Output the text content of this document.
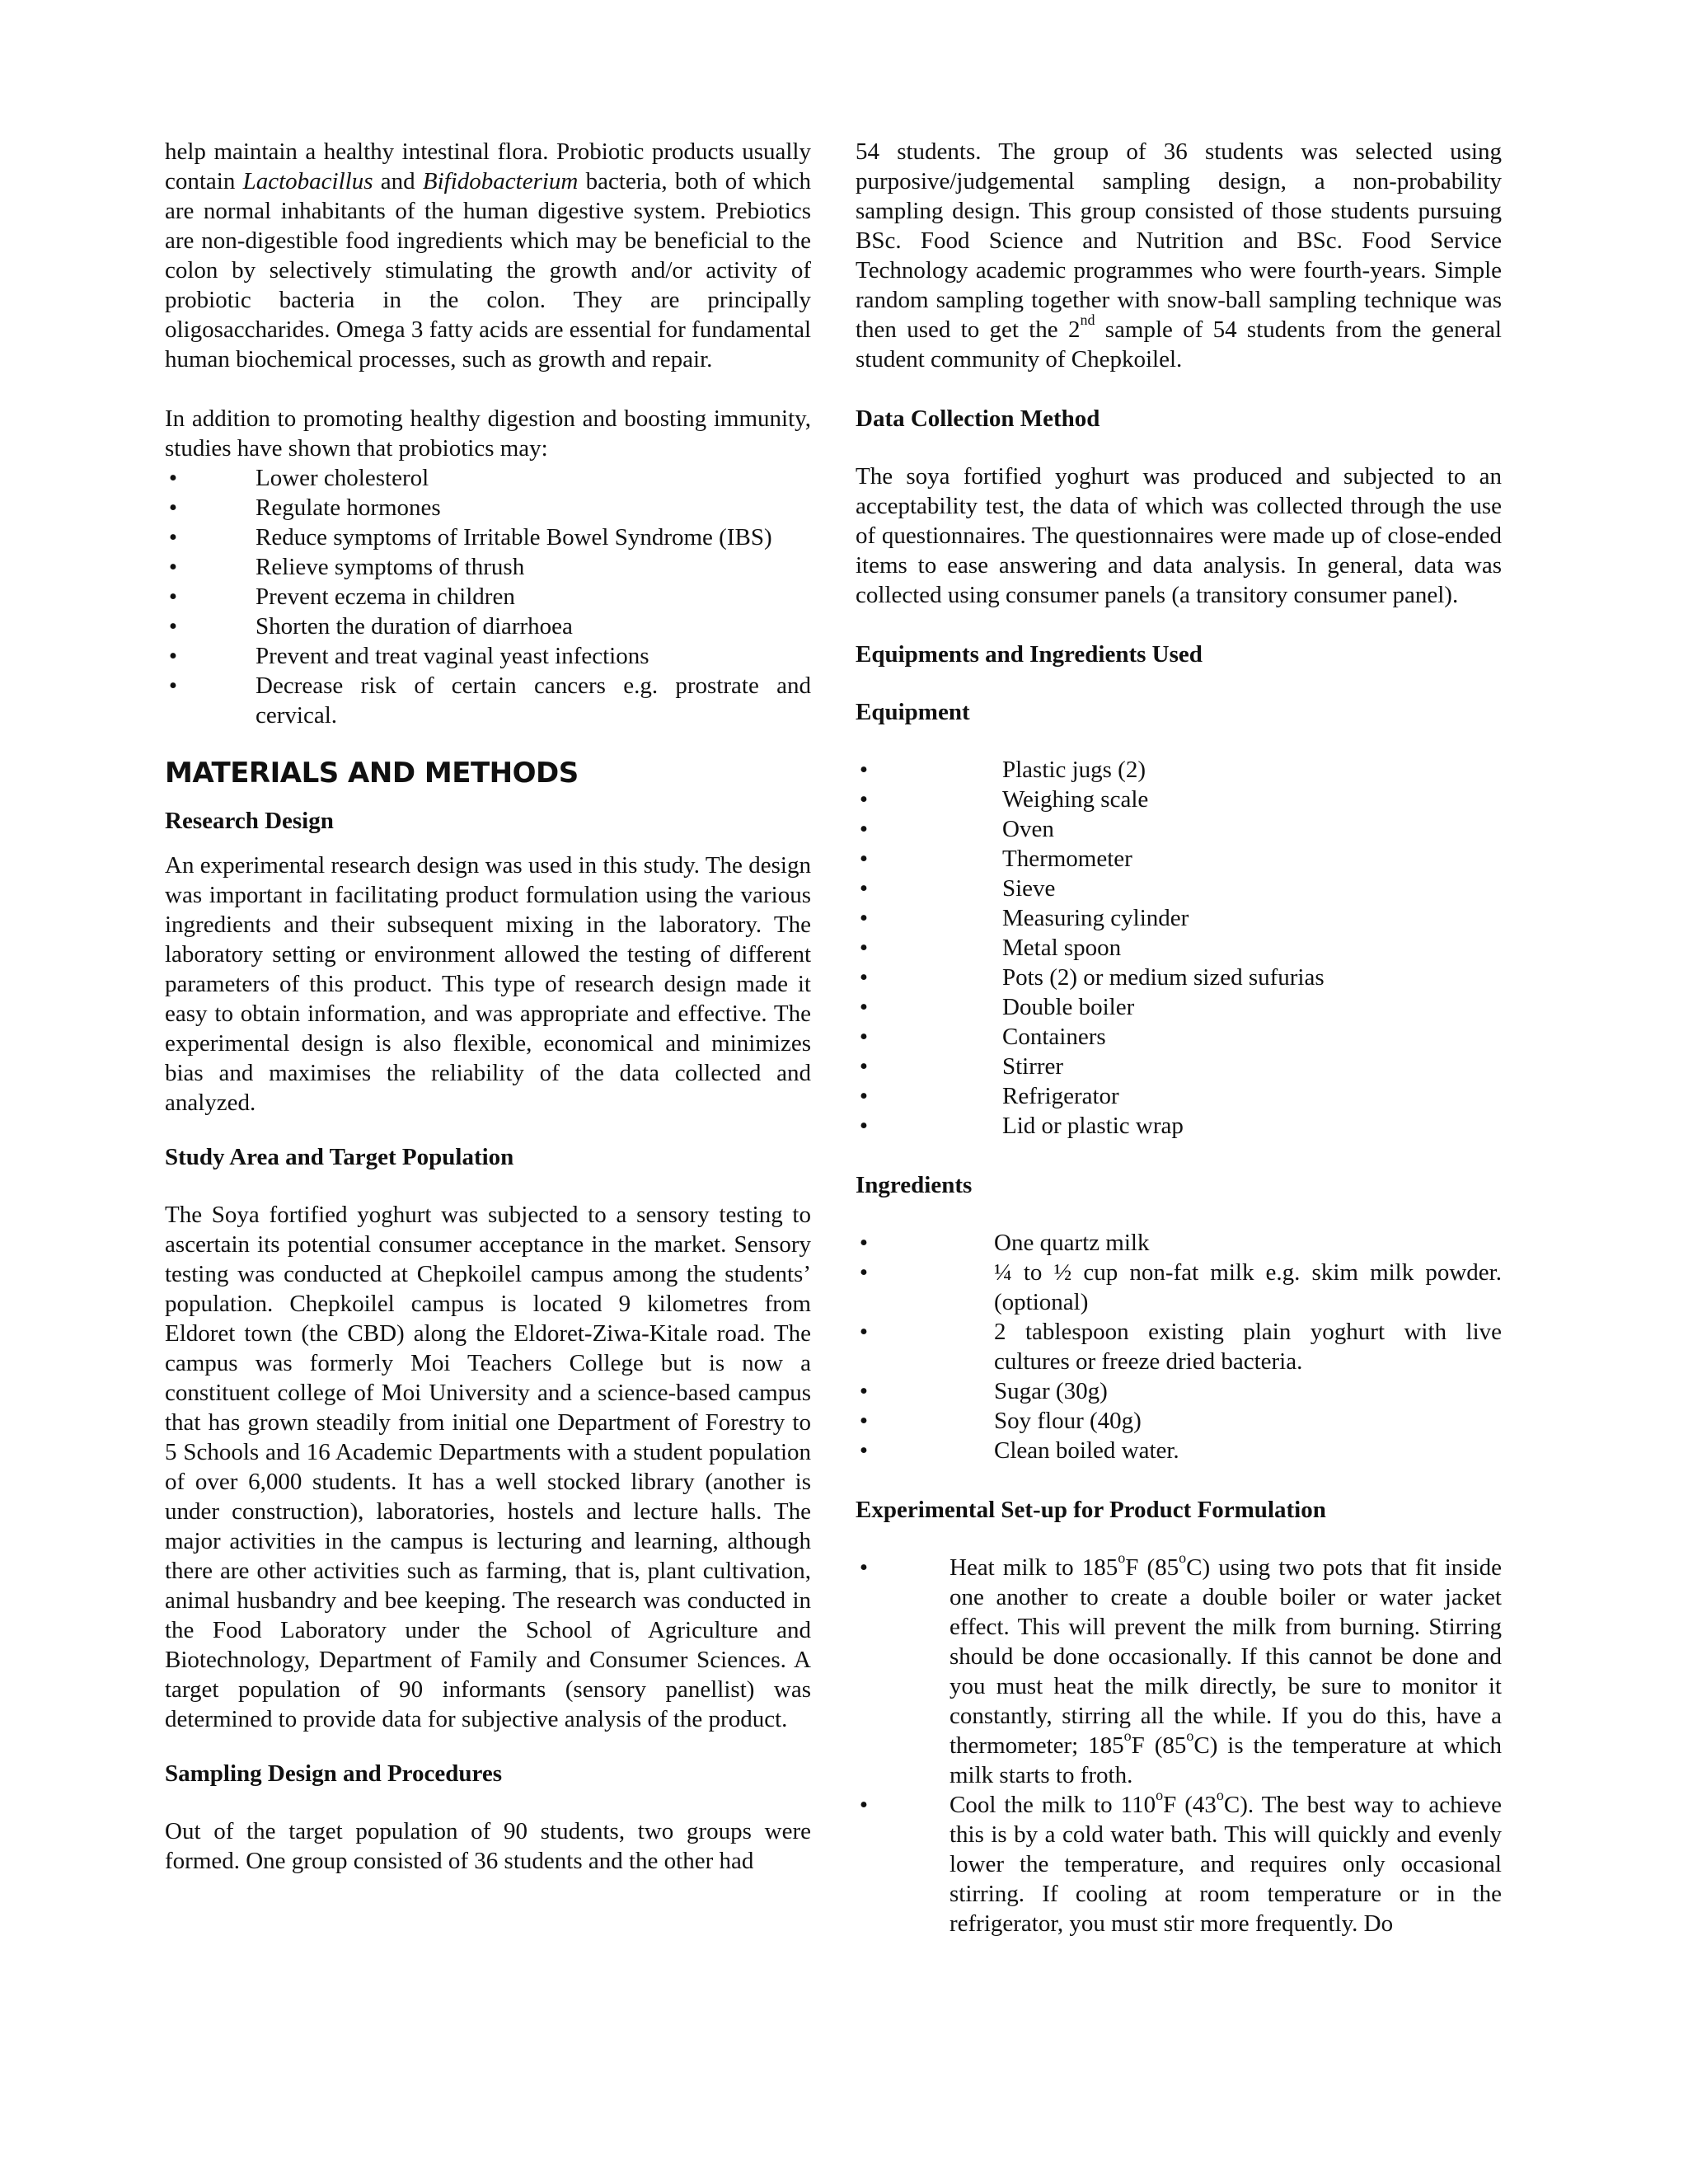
help maintain a healthy intestinal flora. Probiotic products usually contain Lactobacillus and Bifidobacterium bacteria, both of which are normal inhabitants of the human digestive system. Prebiotics are non-digestible food ingredients which may be beneficial to the colon by selectively stimulating the growth and/or activity of probiotic bacteria in the colon. They are principally oligosaccharides. Omega 3 fatty acids are essential for fundamental human biochemical processes, such as growth and repair.

In addition to promoting healthy digestion and boosting immunity, studies have shown that probiotics may:

•	Lower cholesterol
•	Regulate hormones
•	Reduce symptoms of Irritable Bowel Syndrome (IBS)
•	Relieve symptoms of thrush
•	Prevent eczema in children
•	Shorten the duration of diarrhoea
•	Prevent and treat vaginal yeast infections
•	Decrease risk of certain cancers e.g. prostrate and cervical.
MATERIALS AND METHODS
Research Design

An experimental research design was used in this study. The design was important in facilitating product formulation using the various ingredients and their subsequent mixing in the laboratory. The laboratory setting or environment allowed the testing of different parameters of this product. This type of research design made it easy to obtain information, and was appropriate and effective. The experimental design is also flexible, economical and minimizes bias and maximises the reliability of the data collected and analyzed.

Study Area and Target Population

The Soya fortified yoghurt was subjected to a sensory testing to ascertain its potential consumer acceptance in the market. Sensory testing was conducted at Chepkoilel campus among the students’ population. Chepkoilel campus is located 9 kilometres from Eldoret town (the CBD) along the Eldoret-Ziwa-Kitale road. The campus was formerly Moi Teachers College but is now a constituent college of Moi University and a science-based campus that has grown steadily from initial one Department of Forestry to 5 Schools and 16 Academic Departments with a student population of over 6,000 students. It has a well stocked library (another is under construction), laboratories, hostels and lecture halls. The major activities in the campus is lecturing and learning, although there are other activities such as farming, that is, plant cultivation, animal husbandry and bee keeping. The research was conducted in the Food Laboratory under the School of Agriculture and Biotechnology, Department of Family and Consumer Sciences. A target population of 90 informants (sensory panellist) was determined to provide data for subjective analysis of the product.

Sampling Design and Procedures

Out of the target population of 90 students, two groups were formed. One group consisted of 36 students and the other had

54 students. The group of 36 students was selected using purposive/judgemental sampling design, a non-probability sampling design. This group consisted of those students pursuing BSc. Food Science and Nutrition and BSc. Food Service Technology academic programmes who were fourth-years. Simple random sampling together with snow-ball sampling technique was then used to get the 2nd sample of 54 students from the general student community of Chepkoilel.

Data Collection Method

The soya fortified yoghurt was produced and subjected to an acceptability test, the data of which was collected through the use of questionnaires. The questionnaires were made up of close-ended items to ease answering and data analysis. In general, data was collected using consumer panels (a transitory consumer panel).

Equipments and Ingredients Used
Equipment
•	Plastic jugs (2)
•	Weighing scale
•	Oven
•	Thermometer
•	Sieve
•	Measuring cylinder
•	Metal spoon
•	Pots (2) or medium sized sufurias
•	Double boiler
•	Containers
•	Stirrer
•	Refrigerator
•	Lid or plastic wrap
Ingredients
•	One quartz milk
•	¼ to ½ cup non-fat milk e.g. skim milk powder. (optional)
•	2 tablespoon existing plain yoghurt with live cultures or freeze dried bacteria.
•	Sugar (30g)
•	Soy flour (40g)
•	Clean boiled water.
Experimental Set-up for Product Formulation
•	Heat milk to 185$^o$F (85$^o$C) using two pots that fit inside one another to create a double boiler or water jacket effect. This will prevent the milk from burning. Stirring should be done occasionally. If this cannot be done and you must heat the milk directly, be sure to monitor it constantly, stirring all the while. If you do this, have a thermometer; 185$^o$F (85$^o$C) is the temperature at which milk starts to froth.
•	Cool the milk to 110$^o$F (43$^o$C). The best way to achieve this is by a cold water bath. This will quickly and evenly lower the temperature, and requires only occasional stirring. If cooling at room temperature or in the refrigerator, you must stir more frequently. Do
